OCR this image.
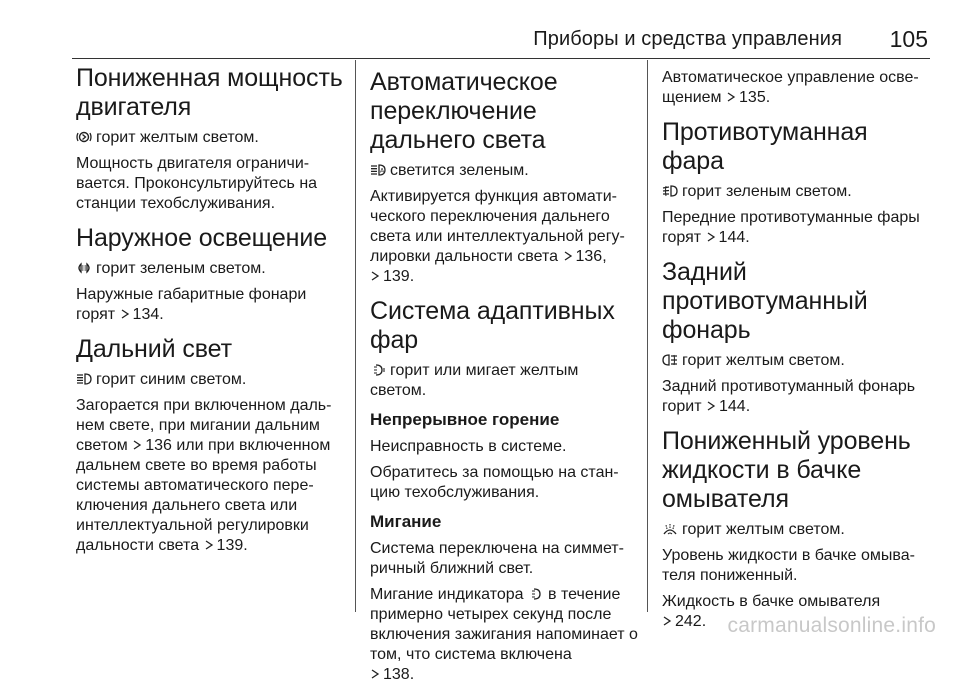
Приборы и средства управления 105
Пониженная мощность двигателя

горит желтым светом.

Мощность двигателя ограничи-вается. Проконсультируйтесь на станции техобслуживания.

Наружное освещение

горит зеленым светом.

Наружные габаритные фонари горят 134.

Дальний свет

горит синим светом.

Загорается при включенном даль-нем свете, при мигании дальним светом 136 или при включенном дальнем свете во время работы системы автоматического пере-ключения дальнего света или интеллектуальной регулировки дальности света 139.

Автоматическое переключение дальнего света

A светится зеленым.

Активируется функция автомати-ческого переключения дальнего света или интеллектуальной регу-лировки дальности света 136,

139.

Система адаптивных фар

горит или мигает желтым светом.

Непрерывное горение

Неисправность в системе.

Обратитесь за помощью на стан-цию техобслуживания.

Мигание

Система переключена на симмет-ричный ближний свет.

Мигание индикатора в течение примерно четырех секунд после включения зажигания напоминает о том, что система включена

138.

Автоматическое управление осве-щением 135.

Противотуманная фара

горит зеленым светом.

Передние противотуманные фары горят 144.

Задний противотуманный фонарь

горит желтым светом.

Задний противотуманный фонарь горит 144.

Пониженный уровень жидкости в бачке омывателя

горит желтым светом.

Уровень жидкости в бачке омыва-теля пониженный.

Жидкость в бачке омывателя

242.	carmanualsonline.info
